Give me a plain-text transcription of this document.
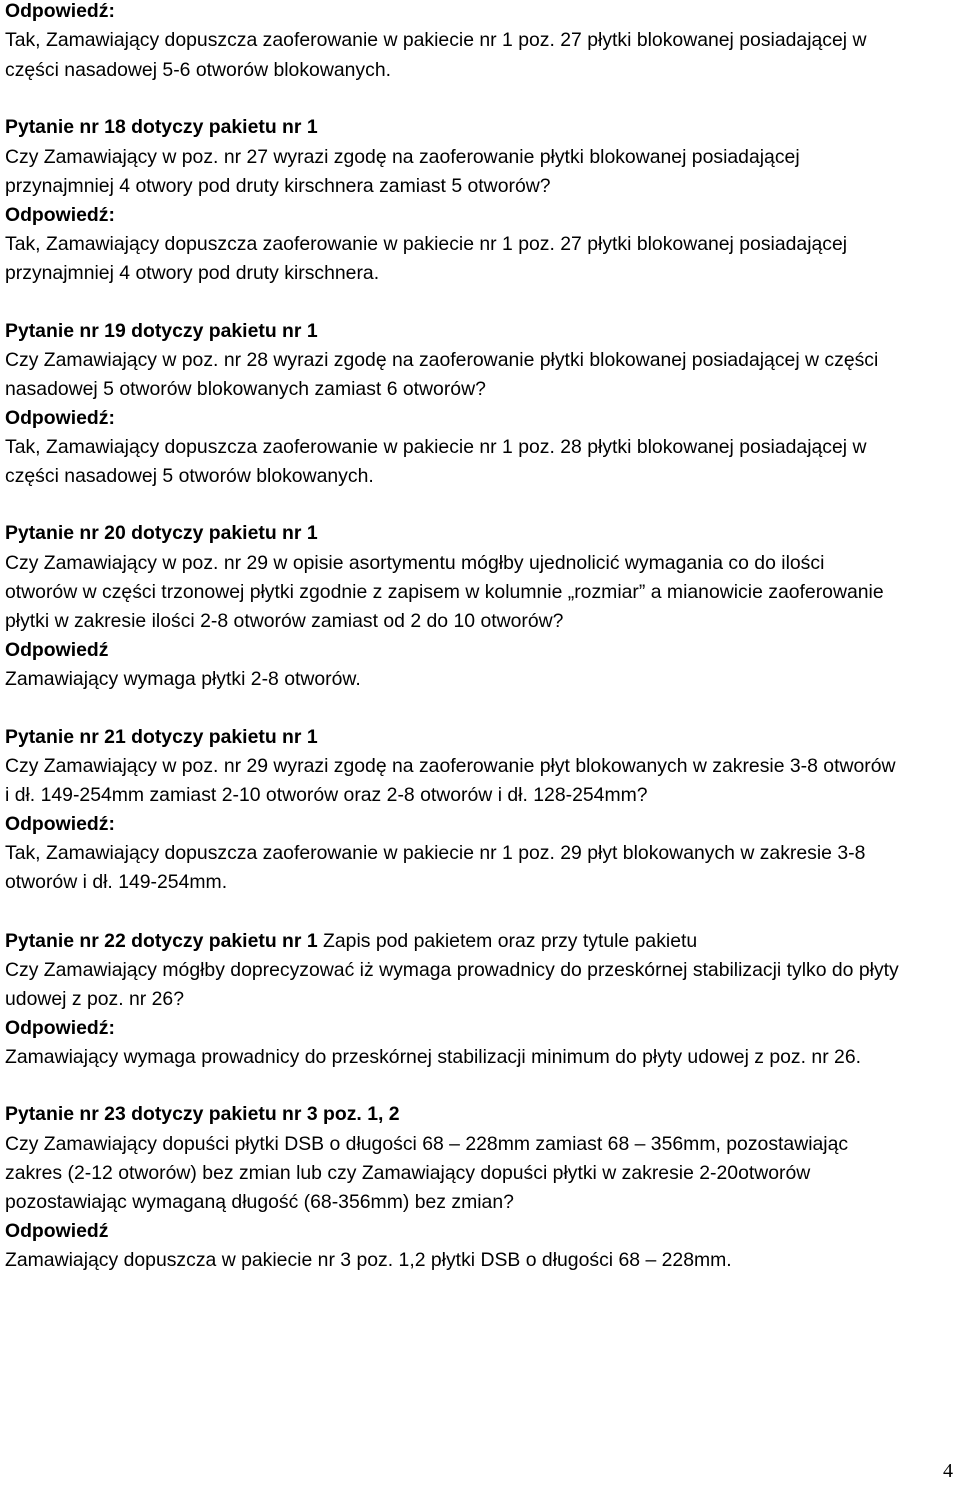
Odpowiedź:
Tak, Zamawiający dopuszcza zaoferowanie w pakiecie nr 1 poz. 27 płytki blokowanej posiadającej w
części nasadowej 5-6 otworów blokowanych.
Pytanie nr 18 dotyczy pakietu nr 1
Czy Zamawiający w poz. nr 27 wyrazi zgodę na zaoferowanie płytki blokowanej posiadającej
przynajmniej 4 otwory pod druty kirschnera zamiast 5 otworów?
Odpowiedź:
Tak, Zamawiający dopuszcza zaoferowanie w pakiecie nr 1 poz. 27 płytki blokowanej posiadającej
przynajmniej 4 otwory pod druty kirschnera.
Pytanie nr 19 dotyczy pakietu nr 1
Czy Zamawiający w poz. nr 28 wyrazi zgodę na zaoferowanie płytki blokowanej posiadającej w części
nasadowej 5 otworów blokowanych zamiast 6 otworów?
Odpowiedź:
Tak, Zamawiający dopuszcza zaoferowanie w pakiecie nr 1 poz. 28 płytki blokowanej posiadającej w
części nasadowej 5 otworów blokowanych.
Pytanie nr 20 dotyczy pakietu nr 1
Czy Zamawiający w poz. nr 29 w opisie asortymentu mógłby ujednolicić wymagania co do ilości
otworów w części trzonowej płytki zgodnie z zapisem w kolumnie „rozmiar” a mianowicie zaoferowanie
płytki w zakresie ilości 2-8 otworów zamiast od 2 do 10 otworów?
Odpowiedź
Zamawiający wymaga płytki 2-8 otworów.
Pytanie nr 21 dotyczy pakietu nr 1
Czy Zamawiający w poz. nr 29 wyrazi zgodę na zaoferowanie płyt blokowanych w zakresie 3-8 otworów
i dł. 149-254mm zamiast 2-10 otworów oraz 2-8 otworów i dł. 128-254mm?
Odpowiedź:
Tak, Zamawiający dopuszcza zaoferowanie w pakiecie nr 1 poz. 29 płyt blokowanych w zakresie 3-8
otworów i dł. 149-254mm.
Pytanie nr 22 dotyczy pakietu nr 1 Zapis pod pakietem oraz przy tytule pakietu
Czy Zamawiający mógłby doprecyzować iż wymaga prowadnicy do przeskórnej stabilizacji tylko do płyty
udowej z poz. nr 26?
Odpowiedź:
Zamawiający wymaga prowadnicy do przeskórnej stabilizacji minimum do płyty udowej z poz. nr 26.
Pytanie nr 23 dotyczy pakietu nr 3 poz. 1, 2
Czy Zamawiający dopuści płytki DSB o długości 68 – 228mm zamiast 68 – 356mm, pozostawiając
zakres (2-12 otworów) bez zmian lub czy Zamawiający dopuści płytki w zakresie 2-20otworów
pozostawiając wymaganą długość (68-356mm) bez zmian?
Odpowiedź
Zamawiający dopuszcza w pakiecie nr 3 poz. 1,2 płytki DSB o długości 68 – 228mm.
4
